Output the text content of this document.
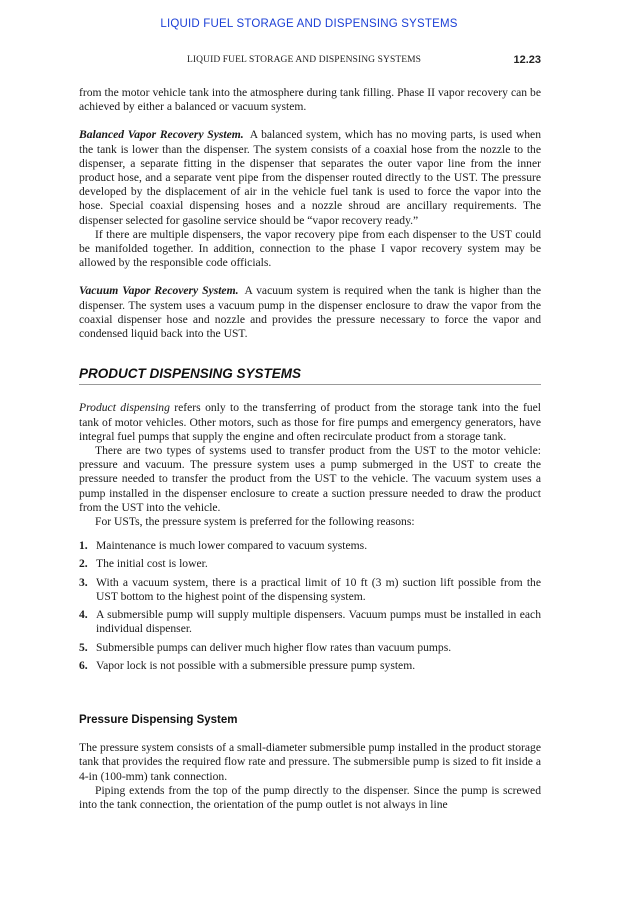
LIQUID FUEL STORAGE AND DISPENSING SYSTEMS
LIQUID FUEL STORAGE AND DISPENSING SYSTEMS	12.23

from the motor vehicle tank into the atmosphere during tank filling. Phase II vapor recovery can be achieved by either a balanced or vacuum system.

Balanced Vapor Recovery System. A balanced system, which has no moving parts, is used when the tank is lower than the dispenser. The system consists of a coaxial hose from the nozzle to the dispenser, a separate fitting in the dispenser that separates the outer vapor line from the inner product hose, and a separate vent pipe from the dispenser routed directly to the UST. The pressure developed by the displacement of air in the vehicle fuel tank is used to force the vapor into the hose. Special coaxial dispensing hoses and a nozzle shroud are ancillary requirements. The dispenser selected for gasoline service should be “vapor recovery ready.”

If there are multiple dispensers, the vapor recovery pipe from each dispenser to the UST could be manifolded together. In addition, connection to the phase I vapor recovery system may be allowed by the responsible code officials.

Vacuum Vapor Recovery System. A vacuum system is required when the tank is higher than the dispenser. The system uses a vacuum pump in the dispenser enclosure to draw the vapor from the coaxial dispenser hose and nozzle and provides the pressure necessary to force the vapor and condensed liquid back into the UST.

PRODUCT DISPENSING SYSTEMS

Product dispensing refers only to the transferring of product from the storage tank into the fuel tank of motor vehicles. Other motors, such as those for fire pumps and emergency generators, have integral fuel pumps that supply the engine and often recirculate product from a storage tank.

There are two types of systems used to transfer product from the UST to the motor vehicle: pressure and vacuum. The pressure system uses a pump submerged in the UST to create the pressure needed to transfer the product from the UST to the vehicle. The vacuum system uses a pump installed in the dispenser enclosure to create a suction pressure needed to draw the product from the UST into the vehicle.

For USTs, the pressure system is preferred for the following reasons:

1. Maintenance is much lower compared to vacuum systems.
2. The initial cost is lower.
3. With a vacuum system, there is a practical limit of 10 ft (3 m) suction lift possible from the UST bottom to the highest point of the dispensing system.
4. A submersible pump will supply multiple dispensers. Vacuum pumps must be installed in each individual dispenser.
5. Submersible pumps can deliver much higher flow rates than vacuum pumps.
6. Vapor lock is not possible with a submersible pressure pump system.
Pressure Dispensing System

The pressure system consists of a small-diameter submersible pump installed in the product storage tank that provides the required flow rate and pressure. The submersible pump is sized to fit inside a 4-in (100-mm) tank connection.

Piping extends from the top of the pump directly to the dispenser. Since the pump is screwed into the tank connection, the orientation of the pump outlet is not always in line
